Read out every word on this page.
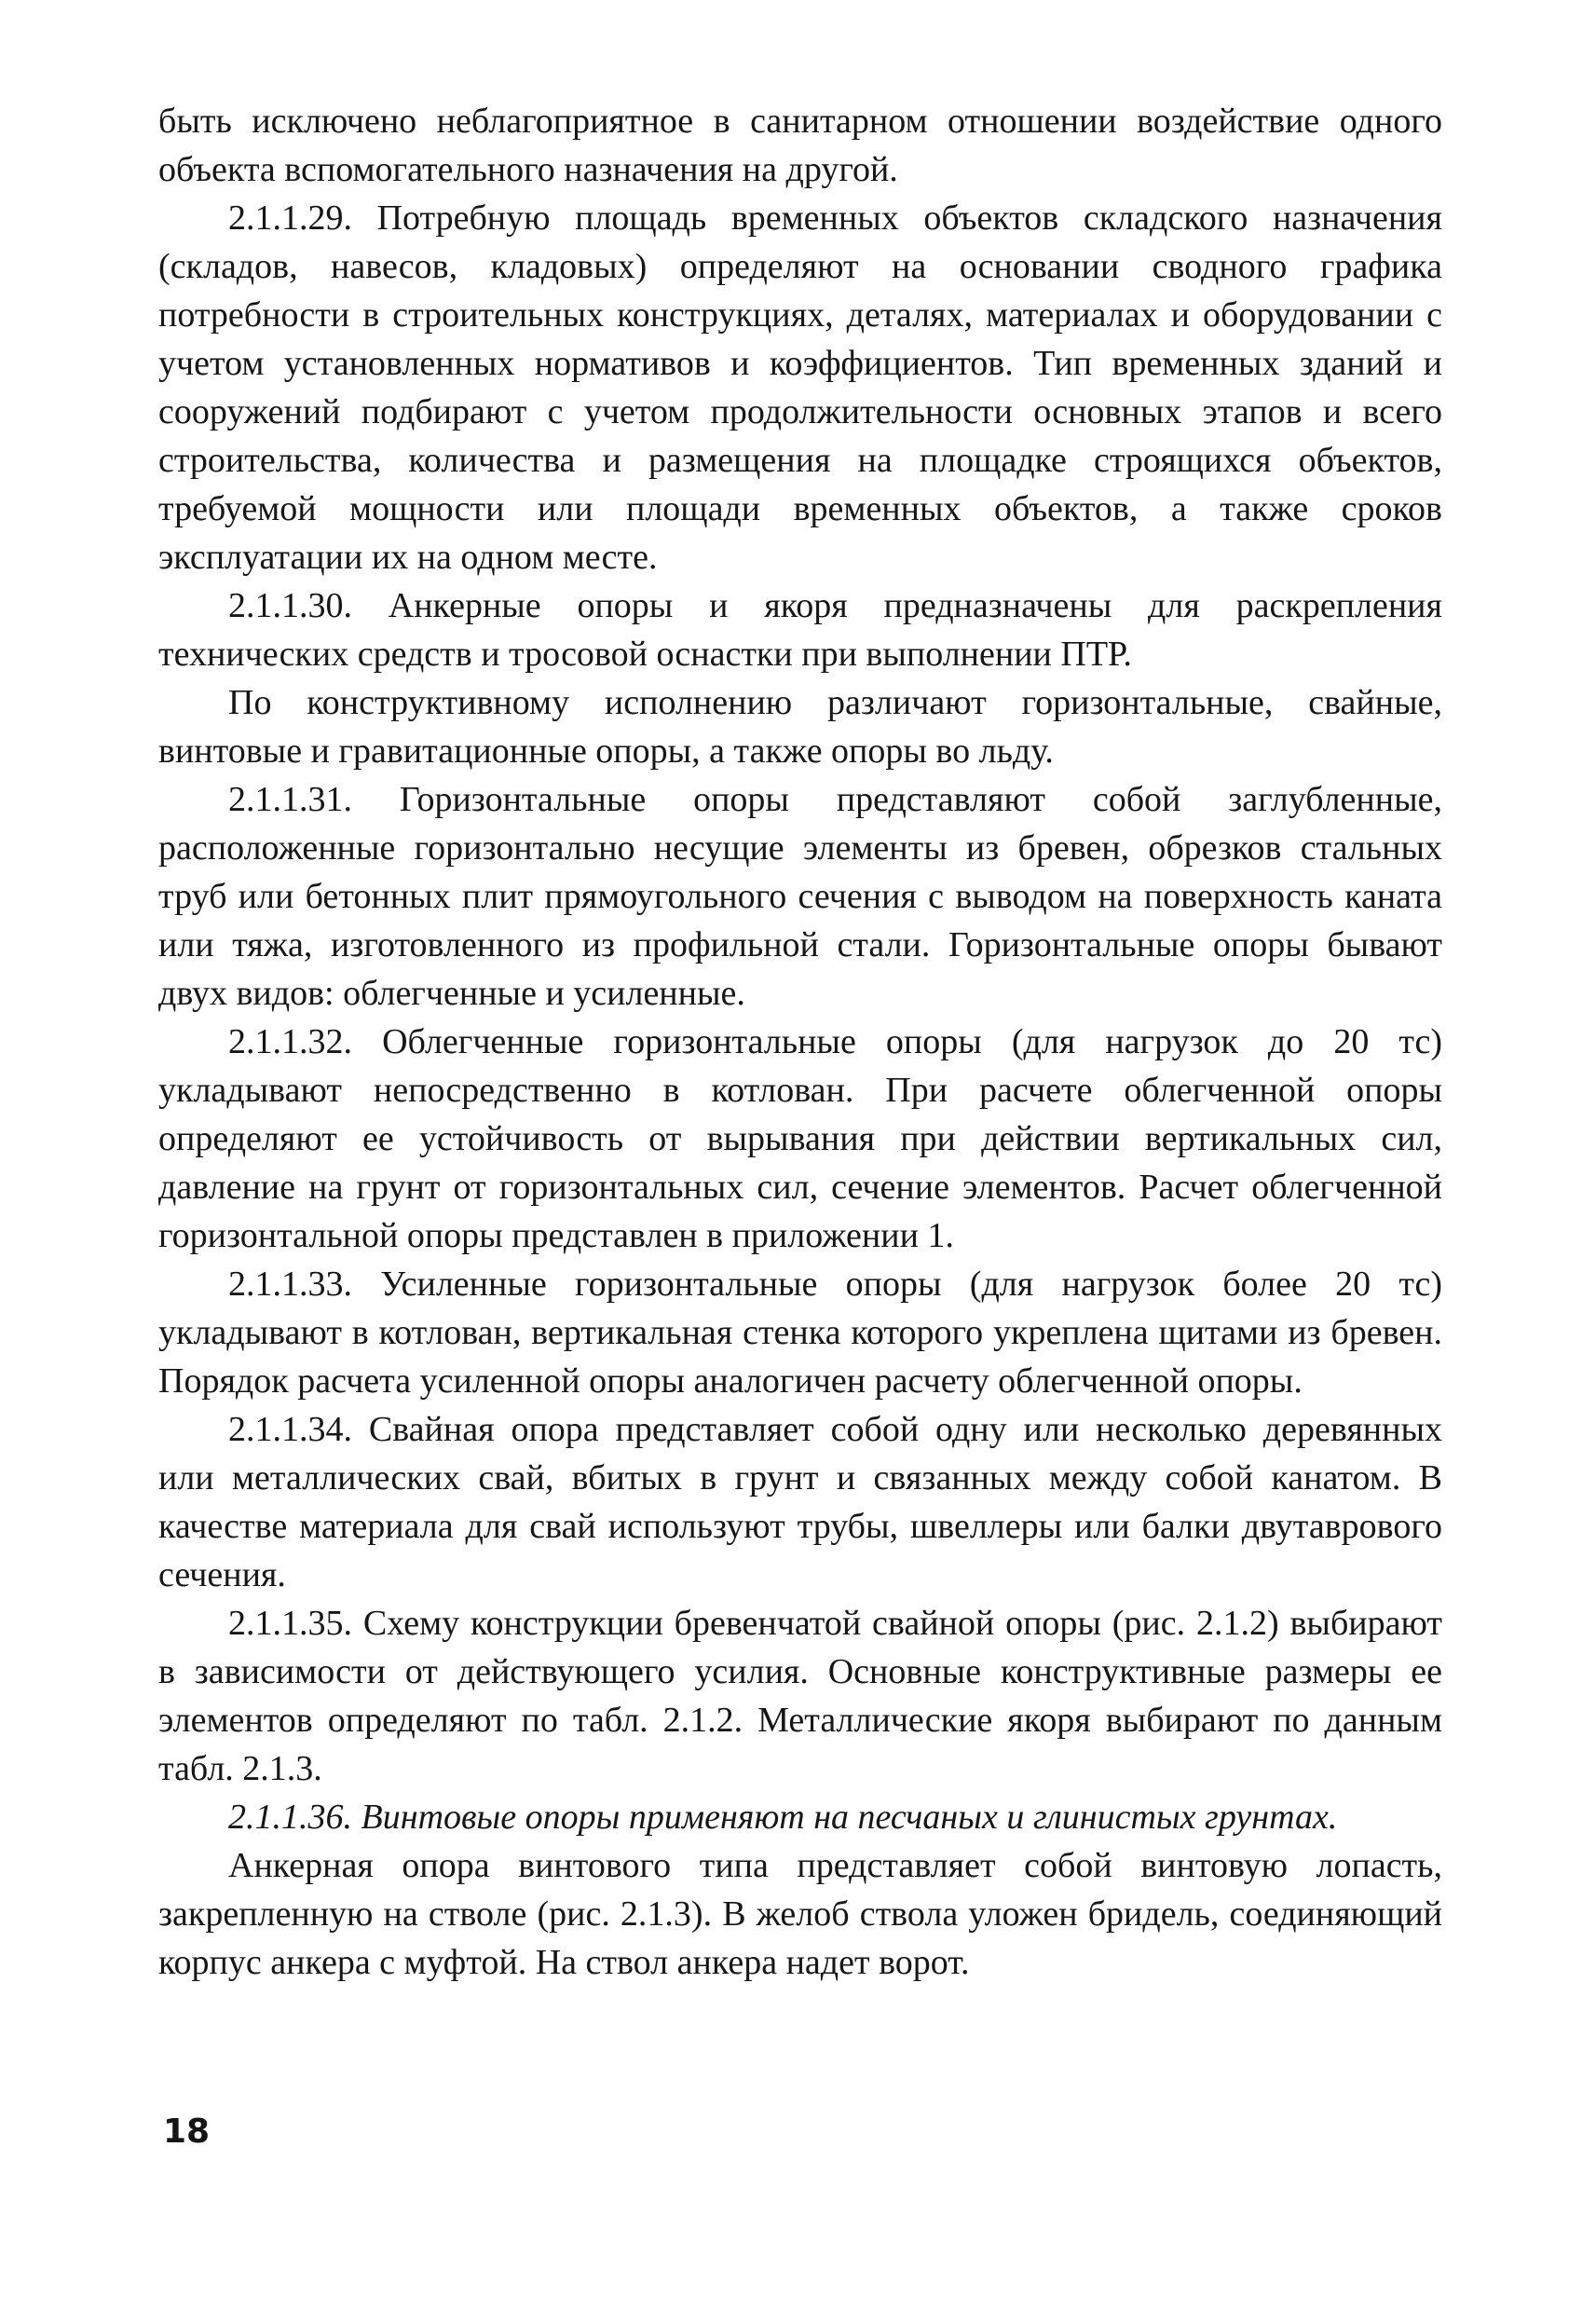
быть исключено неблагоприятное в санитарном отношении воздействие одного объекта вспомогательного назначения на другой.

2.1.1.29. Потребную площадь временных объектов складского назначения (складов, навесов, кладовых) определяют на основании сводного графика потребности в строительных конструкциях, деталях, материалах и оборудовании с учетом установленных нормативов и коэффициентов. Тип временных зданий и сооружений подбирают с учетом продолжительности основных этапов и всего строительства, количества и размещения на площадке строящихся объектов, требуемой мощности или площади временных объектов, а также сроков эксплуатации их на одном месте.

2.1.1.30. Анкерные опоры и якоря предназначены для раскрепления технических средств и тросовой оснастки при выполнении ПТР.

По конструктивному исполнению различают горизонтальные, свайные, винтовые и гравитационные опоры, а также опоры во льду.

2.1.1.31. Горизонтальные опоры представляют собой заглубленные, расположенные горизонтально несущие элементы из бревен, обрезков стальных труб или бетонных плит прямоугольного сечения с выводом на поверхность каната или тяжа, изготовленного из профильной стали. Горизонтальные опоры бывают двух видов: облегченные и усиленные.

2.1.1.32. Облегченные горизонтальные опоры (для нагрузок до 20 тс) укладывают непосредственно в котлован. При расчете облегченной опоры определяют ее устойчивость от вырывания при действии вертикальных сил, давление на грунт от горизонтальных сил, сечение элементов. Расчет облегченной горизонтальной опоры представлен в приложении 1.

2.1.1.33. Усиленные горизонтальные опоры (для нагрузок более 20 тс) укладывают в котлован, вертикальная стенка которого укреплена щитами из бревен. Порядок расчета усиленной опоры аналогичен расчету облегченной опоры.

2.1.1.34. Свайная опора представляет собой одну или несколько деревянных или металлических свай, вбитых в грунт и связанных между собой канатом. В качестве материала для свай используют трубы, швеллеры или балки двутаврового сечения.

2.1.1.35. Схему конструкции бревенчатой свайной опоры (рис. 2.1.2) выбирают в зависимости от действующего усилия. Основные конструктивные размеры ее элементов определяют по табл. 2.1.2. Металлические якоря выбирают по данным табл. 2.1.3.

2.1.1.36. Винтовые опоры применяют на песчаных и глинистых грунтах.

Анкерная опора винтового типа представляет собой винтовую лопасть, закрепленную на стволе (рис. 2.1.3). В желоб ствола уложен бридель, соединяющий корпус анкера с муфтой. На ствол анкера надет ворот.

18
